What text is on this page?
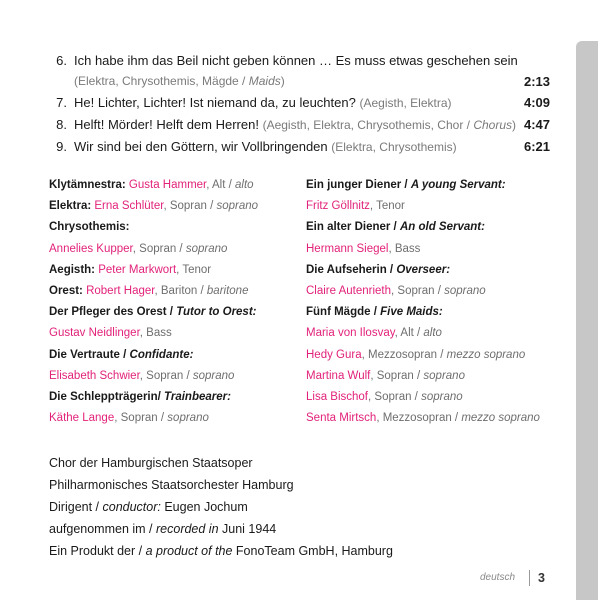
6. Ich habe ihm das Beil nicht geben können … Es muss etwas geschehen sein
(Elektra, Chrysothemis, Mägde / Maids)	2:13
7. He! Lichter, Lichter! Ist niemand da, zu leuchten? (Aegisth, Elektra)	4:09
8. Helft! Mörder! Helft dem Herren! (Aegisth, Elektra, Chrysothemis, Chor / Chorus) 4:47
9. Wir sind bei den Göttern, wir Vollbringenden (Elektra, Chrysothemis)	6:21
Klytämnestra: Gusta Hammer, Alt / alto
Elektra: Erna Schlüter, Sopran / soprano
Chrysothemis:
Annelies Kupper, Sopran / soprano
Aegisth: Peter Markwort, Tenor
Orest: Robert Hager, Bariton / baritone
Der Pfleger des Orest / Tutor to Orest:
Gustav Neidlinger, Bass
Die Vertraute / Confidante:
Elisabeth Schwier, Sopran / soprano
Die Schleppträgerin/ Trainbearer:
Käthe Lange, Sopran / soprano
Ein junger Diener / A young Servant:
Fritz Göllnitz, Tenor
Ein alter Diener / An old Servant:
Hermann Siegel, Bass
Die Aufseherin / Overseer:
Claire Autenrieth, Sopran / soprano
Fünf Mägde / Five Maids:
Maria von Ilosvay, Alt / alto
Hedy Gura, Mezzosopran / mezzo soprano
Martina Wulf, Sopran / soprano
Lisa Bischof, Sopran / soprano
Senta Mirtsch, Mezzosopran / mezzo soprano
Chor der Hamburgischen Staatsoper
Philharmonisches Staatsorchester Hamburg
Dirigent / conductor: Eugen Jochum
aufgenommen im / recorded in Juni 1944
Ein Produkt der / a product of the FonoTeam GmbH, Hamburg
deutsch 3
